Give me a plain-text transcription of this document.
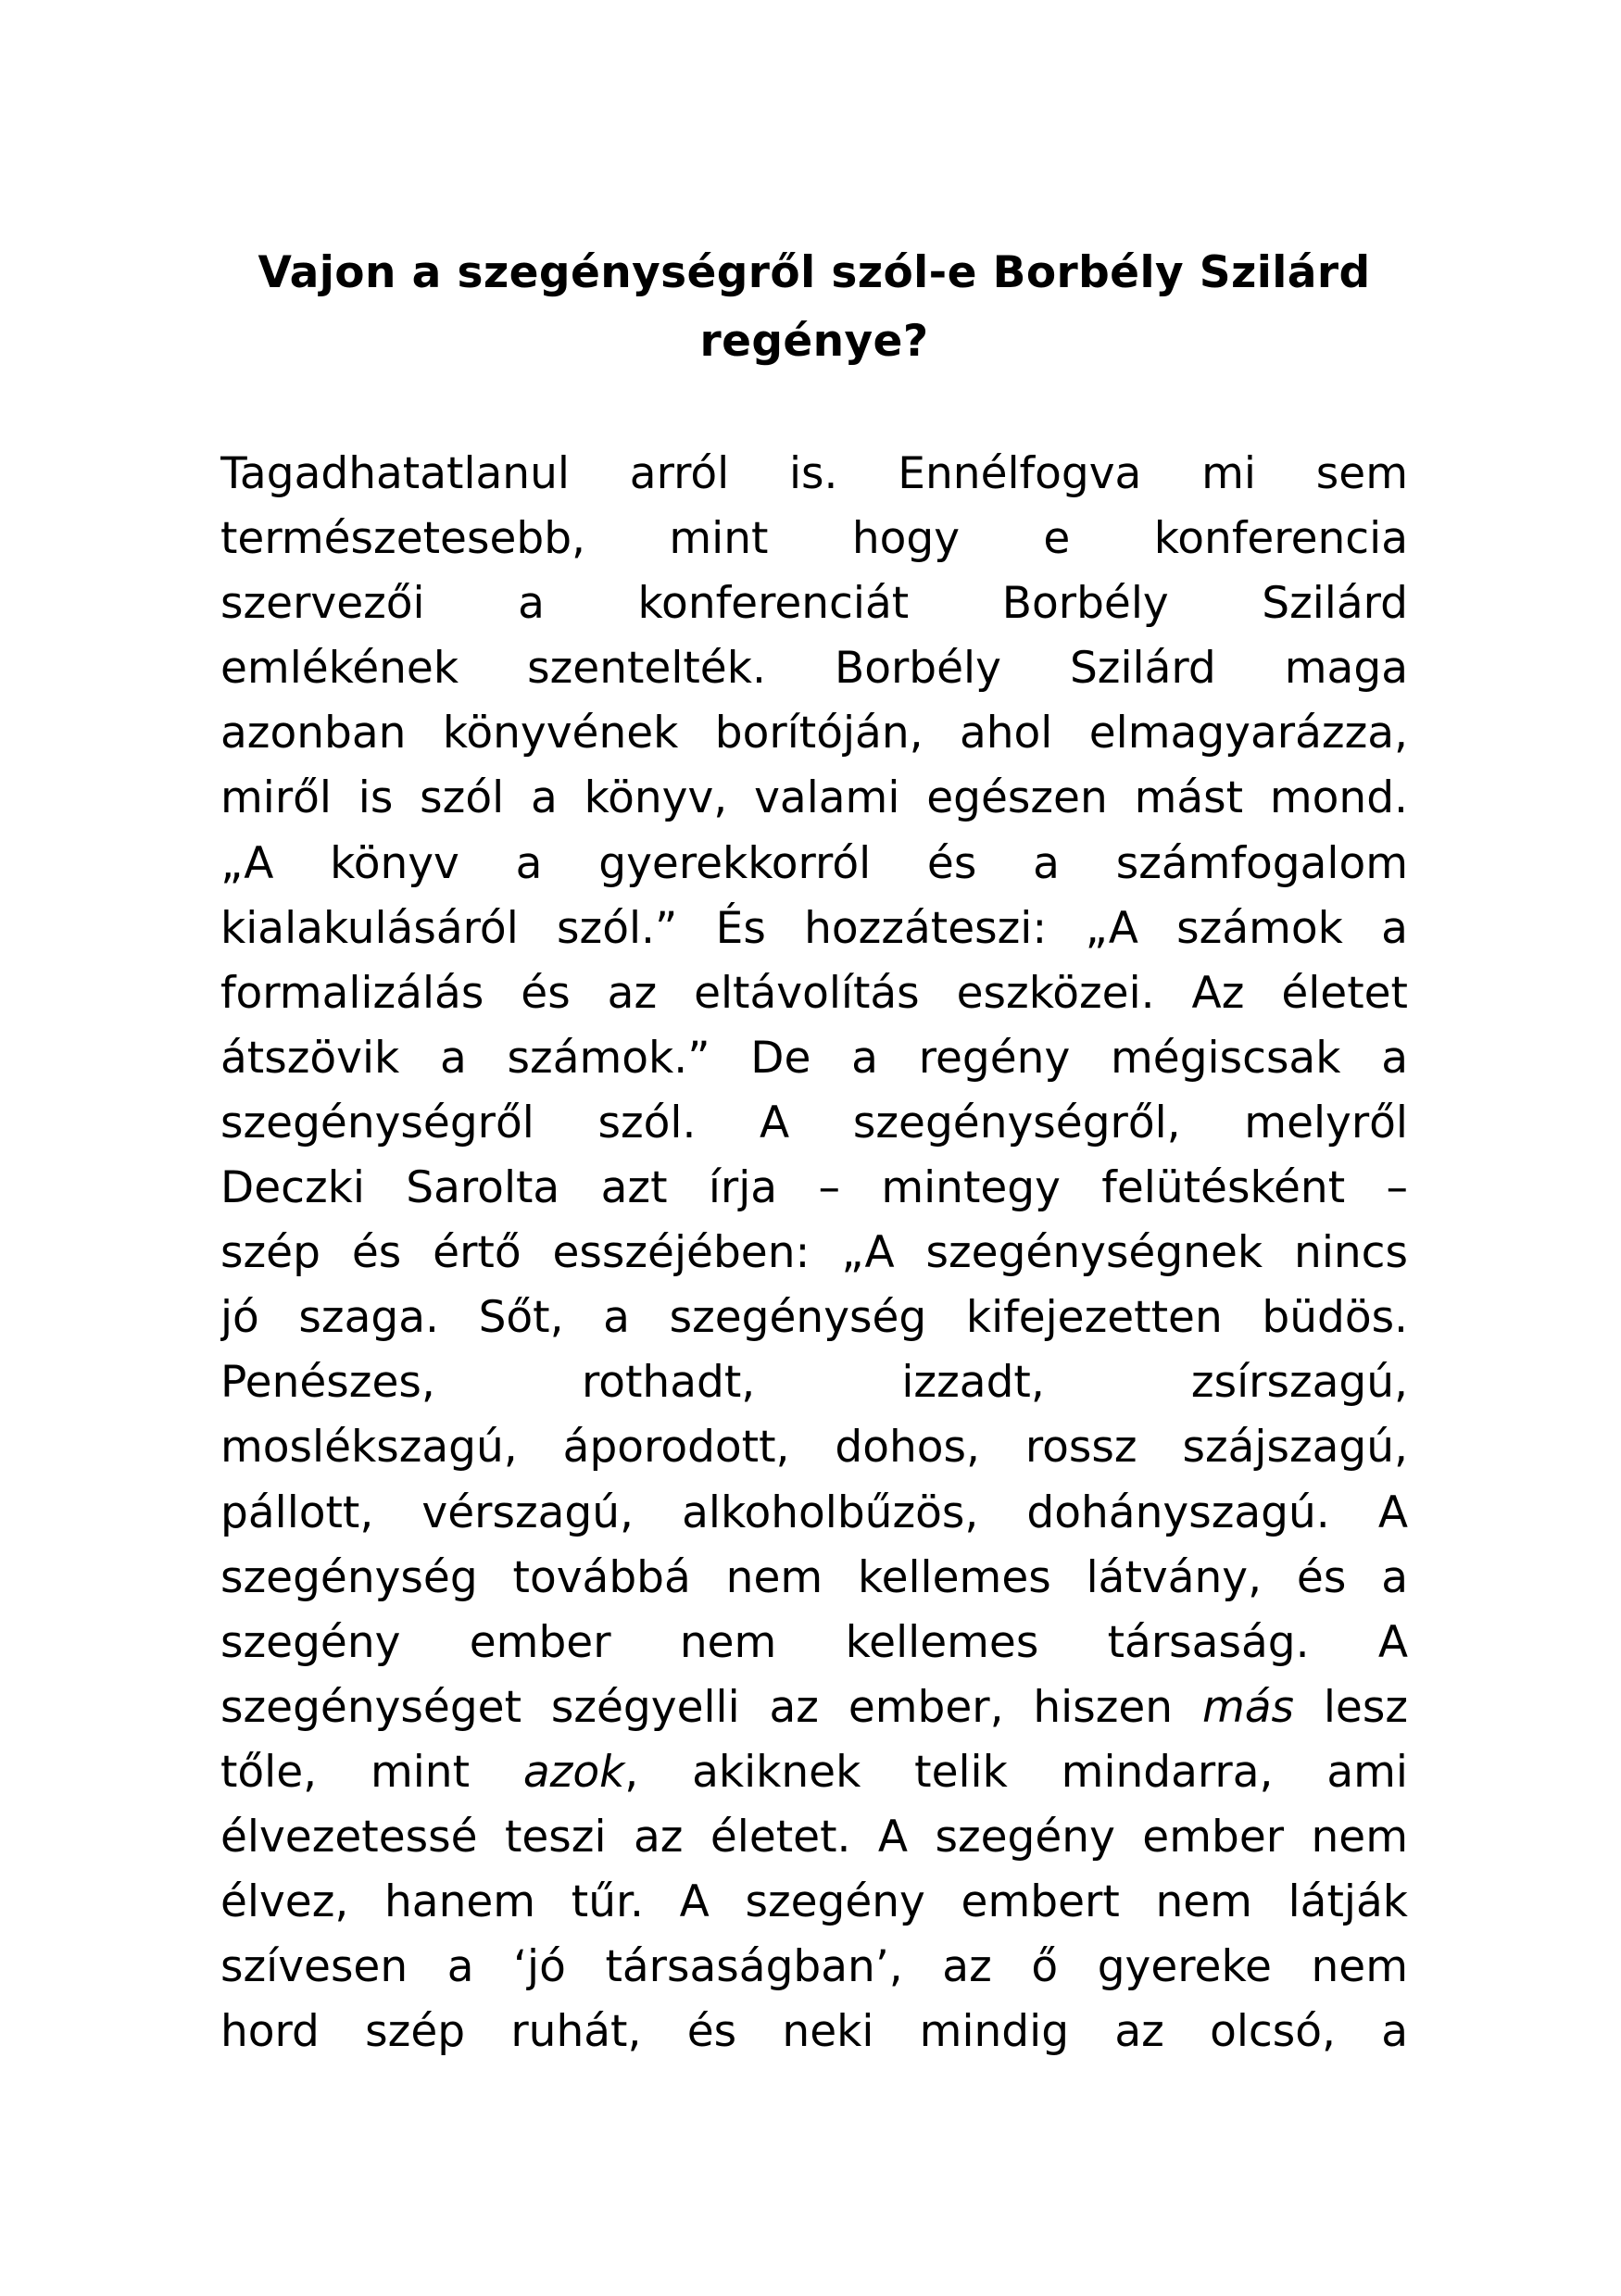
Vajon a szegénységről szól-e Borbély Szilárd
regénye?
Tagadhatatlanul arról is. Ennélfogva mi sem
természetesebb, mint hogy e konferencia
szervezői a konferenciát Borbély Szilárd
emlékének szentelték. Borbély Szilárd maga
azonban könyvének borítóján, ahol elmagyarázza,
miről is szól a könyv, valami egészen mást mond.
„A könyv a gyerekkorról és a számfogalom
kialakulásáról szól.” És hozzáteszi: „A számok a
formalizálás és az eltávolítás eszközei. Az életet
átszövik a számok.” De a regény mégiscsak a
szegénységről szól. A szegénységről, melyről
Deczki Sarolta azt írja – mintegy felütésként –
szép és értő esszéjében: „A szegénységnek nincs
jó szaga. Sőt, a szegénység kifejezetten büdös.
Penészes, rothadt, izzadt, zsírszagú,
moslékszagú, áporodott, dohos, rossz szájszagú,
pállott, vérszagú, alkoholbűzös, dohányszagú. A
szegénység továbbá nem kellemes látvány, és a
szegény ember nem kellemes társaság. A
szegénységet szégyelli az ember, hiszen más lesz
tőle, mint azok, akiknek telik mindarra, ami
élvezetessé teszi az életet. A szegény ember nem
élvez, hanem tűr. A szegény embert nem látják
szívesen a ‘jó társaságban’, az ő gyereke nem
hord szép ruhát, és neki mindig az olcsó, a
